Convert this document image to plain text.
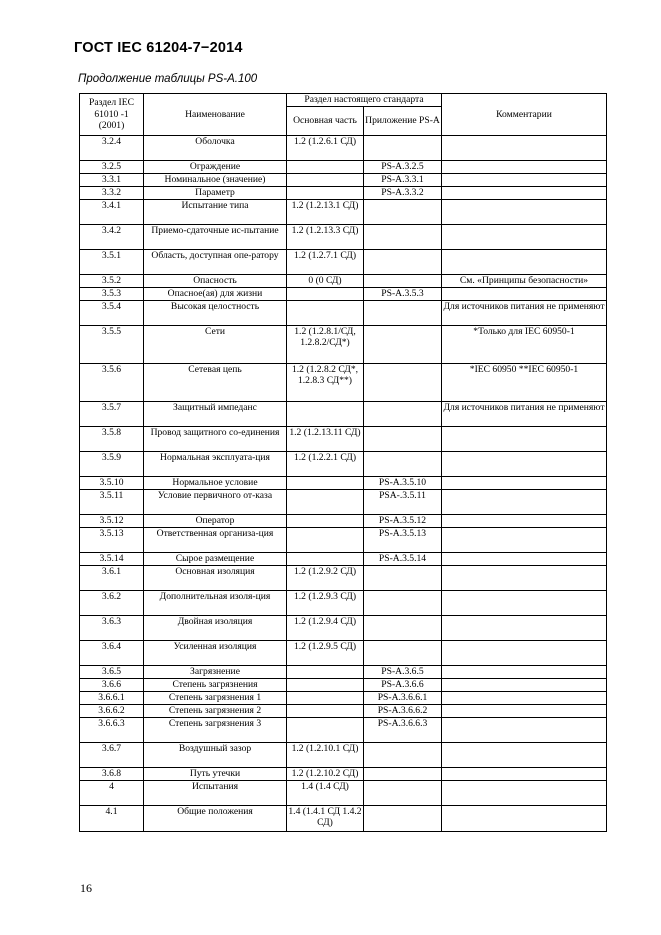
ГОСТ IEC 61204-7−2014
Продолжение таблицы PS-A.100
Раздел IEC 61010 -1 (2001)	Наименование	Раздел настоящего стандарта		Комментарии
		Основная часть	Приложение PS-A	
3.2.4	Оболочка	1.2 (1.2.6.1 СД)		
3.2.5	Ограждение		PS-A.3.2.5	
3.3.1	Номинальное (значение)		PS-A.3.3.1	
3.3.2	Параметр		PS-A.3.3.2	
3.4.1	Испытание типа	1.2 (1.2.13.1 СД)		
3.4.2	Приемо-сдаточные ис-пытание	1.2 (1.2.13.3 СД)		
3.5.1	Область, доступная опе-ратору	1.2 (1.2.7.1 СД)		
3.5.2	Опасность	0 (0 СД)		См. «Принципы безопасности»
3.5.3	Опасное(ая) для жизни		PS-A.3.5.3	
3.5.4	Высокая целостность			Для источников питания не применяют
3.5.5	Сети	1.2 (1.2.8.1/СД, 1.2.8.2/СД*)		*Только для IEC 60950-1
3.5.6	Сетевая цепь	1.2 (1.2.8.2 СД*, 1.2.8.3 СД**)		*IEC 60950 **IEC 60950-1
3.5.7	Защитный импеданс			Для источников питания не применяют
3.5.8	Провод защитного со-единения	1.2 (1.2.13.11 СД)		
3.5.9	Нормальная эксплуата-ция	1.2 (1.2.2.1 СД)		
3.5.10	Нормальное условие		PS-A.3.5.10	
3.5.11	Условие первичного от-каза		PSA-.3.5.11	
3.5.12	Оператор		PS-A.3.5.12	
3.5.13	Ответственная организа-ция		PS-A.3.5.13	
3.5.14	Сырое размещение		PS-A.3.5.14	
3.6.1	Основная изоляция	1.2 (1.2.9.2 СД)		
3.6.2	Дополнительная изоля-ция	1.2 (1.2.9.3 СД)		
3.6.3	Двойная изоляция	1.2 (1.2.9.4 СД)		
3.6.4	Усиленная изоляция	1.2 (1.2.9.5 СД)		
3.6.5	Загрязнение		PS-A.3.6.5	
3.6.6	Степень загрязнения		PS-A.3.6.6	
3.6.6.1	Степень загрязнения 1		PS-A.3.6.6.1	
3.6.6.2	Степень загрязнения 2		PS-A.3.6.6.2	
3.6.6.3	Степень загрязнения 3		PS-A.3.6.6.3	
3.6.7	Воздушный зазор	1.2 (1.2.10.1 СД)		
3.6.8	Путь утечки	1.2 (1.2.10.2 СД)		
4	Испытания	1.4 (1.4 СД)		
4.1	Общие положения	1.4 (1.4.1 СД 1.4.2 СД)		
16
